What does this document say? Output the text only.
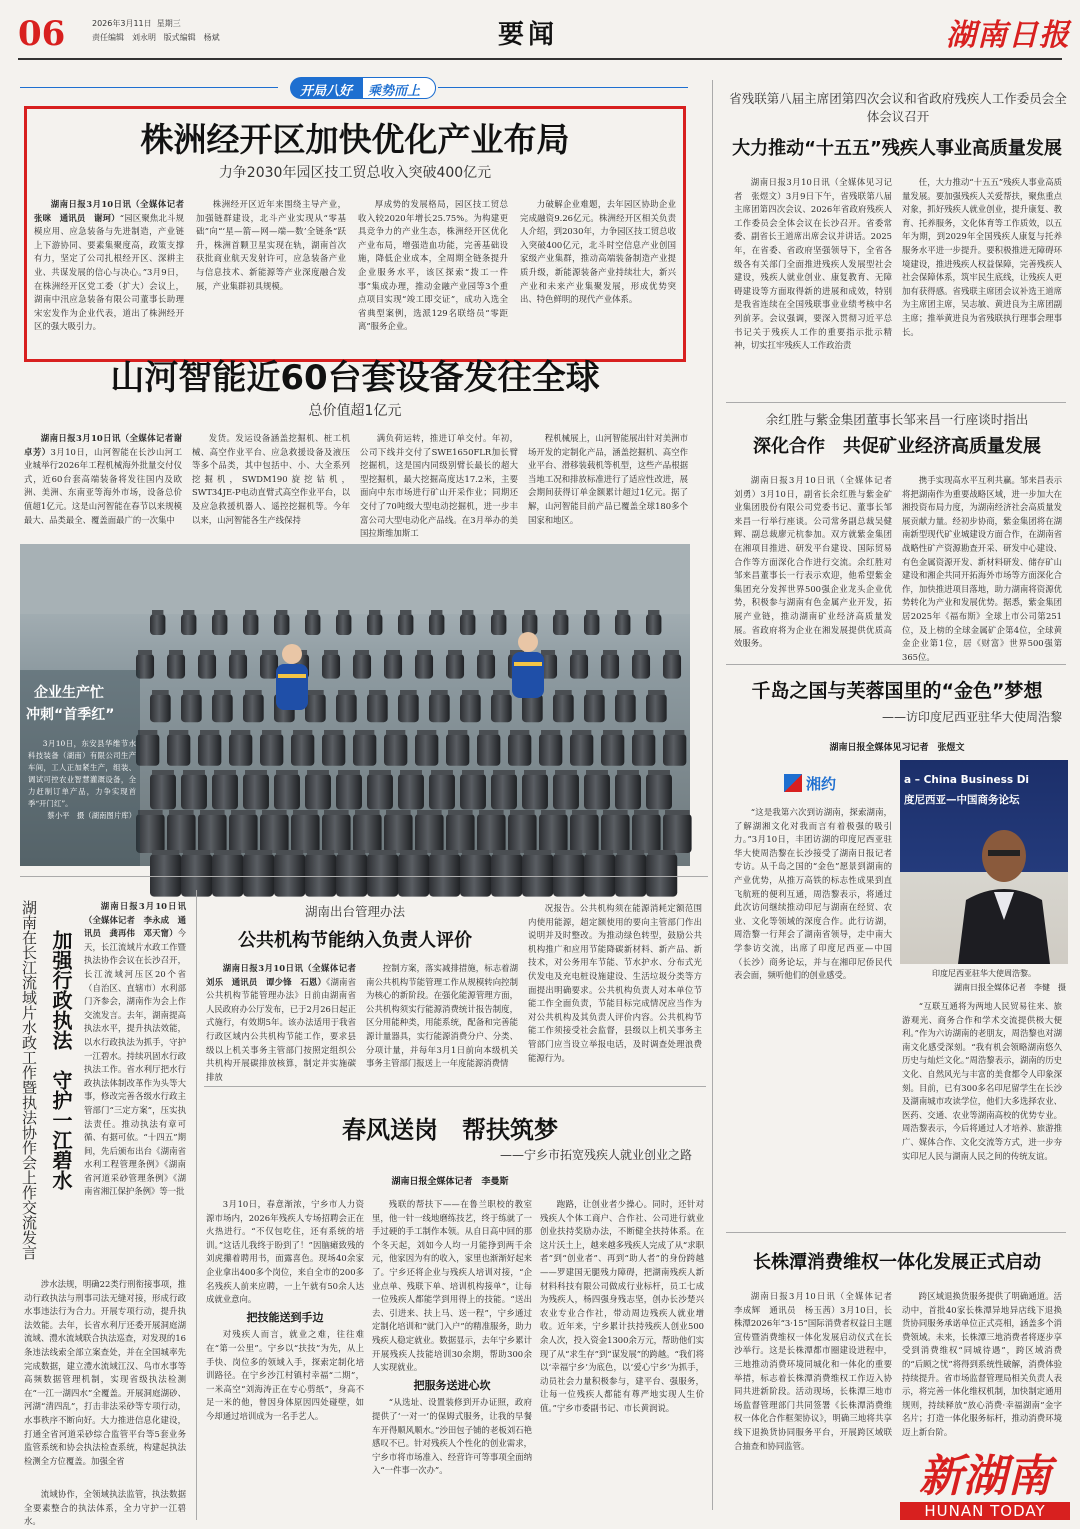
06	2026年3月11日 星期三
责任编辑　刘永明 版式编辑　杨斌	要闻	湖南日报
开局八好 乘势而上
株洲经开区加快优化产业布局
力争2030年园区技工贸总收入突破400亿元

湖南日报3月10日讯（全媒体记者张咪　通讯员　谢珂）“园区聚焦北斗规模应用、应急装备与先进制造，产业链上下游协同、要素集聚度高，政策支撑有力，坚定了公司扎根经开区、深耕主业、共谋发展的信心与决心。”3月9日，在株洲经开区党工委（扩大）会议上，湖南中汛应急装备有限公司董事长助理宋宏发作为企业代表，道出了株洲经开区的强大吸引力。

株洲经开区近年来围绕主导产业，加强链群建设，北斗产业实现从“零基础”向“‘星—箭—网—端—数’全链条”跃升，株洲首颗卫星实现在轨，湖南首次获批商业航天发射许可，应急装备产业与信息技术、新能源等产业深度融合发展，产业集群初具规模。

厚成势的发展格局，园区技工贸总收入较2020年增长25.75%。为构建更具竞争力的产业生态，株洲经开区优化产业布局，增强造血功能，完善基础设施，降低企业成本，全周期全链条提升企业服务水平，该区探索“拨工一件事”集成办理，推动金融产业园等3个重点项目实现“竣工即交证”，成功入选全省典型案例，选派129名联络员“零距离”服务企业。

力破解企业难题，去年园区协助企业完成融资9.26亿元。株洲经开区相关负责人介绍，到2030年，力争园区技工贸总收入突破400亿元，北斗时空信息产业创国家级产业集群，推动高端装备制造产业提质升级，新能源装备产业持续壮大，新兴产业和未来产业集聚发展，形成优势突出、特色鲜明的现代产业体系。

山河智能近60台套设备发往全球
总价值超1亿元

湖南日报3月10日讯（全媒体记者谢卓芳）3月10日，山河智能在长沙山河工业城举行2026年工程机械海外批量交付仪式，近60台套高端装备将发往国内及欧洲、美洲、东南亚等海外市场，设备总价值超1亿元。这是山河智能在春节以来规模最大、品类最全、覆盖面最广的一次集中

发货。发运设备涵盖挖掘机、桩工机械、高空作业平台、应急救援设备及液压等多个品类，其中包括中、小、大全系列挖掘机，SWDM190旋挖钻机，SWT34JE-P电动直臂式高空作业平台，以及应急救援机器人、遥控挖掘机等。今年以来，山河智能各生产线保持

满负荷运转，推进订单交付。年初，公司下线并交付了SWE1650FLR加长臂挖掘机，这是国内同级别臂长最长的超大型挖掘机，最大挖掘高度达17.2米，主要面向中东市场进行矿山开采作业；同期还交付了70吨级大型电动挖掘机，进一步丰富公司大型电动化产品线。在3月举办的美国拉斯维加斯工

程机械展上，山河智能展出针对美洲市场开发的定制化产品，涵盖挖掘机、高空作业平台、滑移装载机等机型，这些产品根据当地工况和排放标准进行了适应性改进，展会期间获得订单金额累计超过1亿元。据了解，山河智能目前产品已覆盖全球180多个国家和地区。

企业生产忙
冲刺“首季红”

3月10日，东安县华维节水科技装备（湖南）有限公司生产车间，工人正加紧生产，组装、调试可控农业智慧灌溉设备，全力赶制订单产品，力争实现首季“开门红”。

蔡小平　摄（湖南图片库）
省残联第八届主席团第四次会议和省政府残疾人工作委员会全体会议召开
大力推动“十五五”残疾人事业高质量发展

湖南日报3月10日讯（全媒体见习记者　张煜文）3月9日下午，省残联第八届主席团第四次会议、2026年省政府残疾人工作委员会全体会议在长沙召开。省委常委、副省长王道席出席会议并讲话。2025年，在省委、省政府坚强领导下，全省各级各有关部门全面推进残疾人发展型社会建设，残疾人就业创业、康复教育、无障碍建设等方面取得新的进展和成效，特别是我省连续在全国残联事业业绩考核中名列前茅。会议强调，要深入贯彻习近平总书记关于残疾人工作的重要指示批示精神，切实扛牢残疾人工作政治责

任，大力推动“十五五”残疾人事业高质量发展。要加强残疾人关爱帮扶，聚焦重点对象，抓好残疾人就业创业，提升康复、教育、托养服务，文化体育等工作质效，以五年为期，到2029年全国残疾人康复与托养服务水平进一步提升。要积极推进无障碍环境建设，推进残疾人权益保障，完善残疾人社会保障体系，筑牢民生底线，让残疾人更加有获得感。省残联主席团会议补选王道席为主席团主席，吴志敏、黄进良为主席团副主席；推举黄进良为省残联执行理事会理事长。

余红胜与紫金集团董事长邹来昌一行座谈时指出
深化合作　共促矿业经济高质量发展

湖南日报3月10日讯（全媒体记者　刘勇）3月10日，副省长余红胜与紫金矿业集团股份有限公司党委书记、董事长邹来昌一行举行座谈。公司常务副总裁吴健辉、副总裁廖元杭参加。双方就紫金集团在湘项目推进、研发平台建设、国际贸易合作等方面深化合作进行交流。余红胜对邹来昌董事长一行表示欢迎，他希望紫金集团充分发挥世界500强企业龙头企业优势，积极参与湖南有色金属产业开发，拓展产业链，推动湖南矿业经济高质量发展。省政府将为企业在湘发展提供优质高效服务。

携手实现高水平互利共赢。邹来昌表示将把湖南作为重要战略区域，进一步加大在湘投资布局力度，为湖南经济社会高质量发展贡献力量。经初步协商，紫金集团将在湖南新型现代矿业城建设方面合作，在湖南省战略性矿产资源勘查开采、研发中心建设、有色金属资源开发、新材料研发、储存矿山建设和湘企共同开拓海外市场等方面深化合作，加快推进项目落地，助力湖南将资源优势转化为产业和发展优势。据悉，紫金集团居2025年《福布斯》全球上市公司第251位，及上榜的全球金属矿企第4位，全球黄金企业第1位，居《财富》世界500强第365位。

千岛之国与芙蓉国里的“金色”梦想
——访印度尼西亚驻华大使周浩黎
湖南日报全媒体见习记者　张煜文
湘约	a – China Business Di
度尼西亚—中国商务论坛
印度尼西亚驻华大使周浩黎。
湖南日报全媒体记者　李健　摄

“这是我第六次到访湖南，探索湖南，了解湖湘文化对我而言有着极强的吸引力。”3月10日，丰团访湖的印度尼西亚驻华大使周浩黎在长沙接受了湖南日报记者专访。从千岛之国的“金色”愿景到湖南的产业优势，从推万高铁的标志性成果到直飞航班的便利互通，周浩黎表示，将通过此次访问继续推动印尼与湖南在经贸、农业、文化等领域的深度合作。此行访湖，周浩黎一行拜会了湖南省领导，走中南大学参访交流，出席了印度尼西亚—中国（长沙）商务论坛，并与在湘印尼侨民代表会面，频听他们的创业感受。

“互联互通将为两地人民贸易往来、旅游观光、商务合作和学术交流提供极大便利。”作为六访湖南的老朋友，周浩黎也对湖南文化感受深刻。“我有机会领略湖南悠久历史与灿烂文化。”周浩黎表示，湖南的历史文化、自然风光与丰富的美食都令人印象深刻。目前，已有300多名印尼留学生在长沙及湖南城市攻读学位，他们大多选择农业、医药、交通、农业等湖南高校的优势专业。周浩黎表示，今后将通过人才培养、旅游推广、媒体合作、文化交流等方式，进一步夯实印尼人民与湖南人民之间的传统友谊。

长株潭消费维权一体化发展正式启动

湖南日报3月10日讯（全媒体记者　李成辉　通讯员　杨玉茜）3月10日，长株潭2026年“3·15”国际消费者权益日主题宣传暨消费维权一体化发展启动仪式在长沙举行。这是长株潭都市圈建设进程中，三地推动消费环境同城化和一体化的重要举措，标志着长株潭消费维权工作迈入协同共进新阶段。活动现场，长株潭三地市场监督管理部门共同签署《长株潭消费维权一体化合作框架协议》，明确三地将共享线下退换货协同服务平台，开展跨区域联合抽查和协同监管。

跨区域退换货服务提供了明确通道。活动中，首批40家长株潭异地异店线下退换货协同服务承诺单位正式亮相，涵盖多个消费领域。未来，长株潭三地消费者将逐步享受到消费维权“同城待遇”，跨区域消费的“后顾之忧”将得到系统性破解，消费体验持续提升。省市场监督管理局相关负责人表示，将完善一体化维权机制，加快制定通用规则，持续释放“放心消费·幸福湖南”金字名片；打造一体化服务标杆，推动消费环境迈上新台阶。

新湖南
HUNAN TODAY
湖南在长江流域片水政工作暨执法协作会上作交流发言 加强行政执法　守护一江碧水

湖南日报3月10日讯（全媒体记者　李永成　通讯员　龚再伟　邓天甯）今天，长江流域片水政工作暨执法协作会议在长沙召开，长江流域河压区20个省（自治区、直辖市）水利部门齐参会，湖南作为会上作交流发言。去年，湖南提高执法水平，提升执法效能，以水行政执法为抓手，守护一江碧水。持续巩固水行政执法工作。省水利厅把水行政执法体制改革作为头等大事，修改完善各级水行政主管部门“三定方案”，压实执法责任。推动执法有章可循、有据可依。“十四五”期间，先后颁布出台《湖南省水利工程管理条例》《湖南省河道采砂管理条例》《湖南省湘江保护条例》等一批

涉水法规，明确22类行刑衔接事项，推动行政执法与刑事司法无缝对接，形成行政水事违法行为合力。开展专项行动，提升执法效能。去年，长省水利厅还委开展洞庭湖流域、澧水流域联合执法巡查，对发现的16条违法线索全部立案查处，并在全国城率先完成数据，建立澧水流域江汉、鸟市水事等高频数据管理机制，实现省级执法检测在“一江一湖四水”全覆盖。开展洞庭湖砂、河湖“清四乱”，打击非法采砂等专项行动，水事秩序不断向好。大力推进信息化建设，打通全省河道采砂综合监管平台等5套业务监管系统和协会执法检查系统，构建起执法检测全方位覆盖。加强全省

流域协作，全领域执法监管，执法数据全要素整合的执法体系，全力守护一江碧水。

湖南出台管理办法
公共机构节能纳入负责人评价

湖南日报3月10日讯（全媒体记者　刘乐　通讯员　谭少锋　石恩）《湖南省公共机构节能管理办法》日前由湖南省人民政府办公厅发布，已于2月26日起正式施行，有效期5年。该办法适用于我省行政区域内公共机构节能工作，要求县级以上机关事务主管部门按照定组织公共机构开展碳排放核算，制定并实施碳排放

控制方案，落实减排措施，标志着湖南公共机构节能管理工作从规模转向控制为核心的新阶段。在强化能源管理方面，公共机构须实行能源消费统计报告制度，区分用能种类，用能系统，配备和完善能源计量器具，实行能源消费分户、分类、分项计量，并每年3月1日前向本级机关事务主管部门报送上一年度能源消费情

况报告。公共机构须在能源消耗定额范围内使用能源，超定额使用的要向主管部门作出说明并及时整改。为推动绿色转型，鼓励公共机构推广和应用节能降碳新材料、新产品、新技术，对公务用车节能、节水护水、分布式光伏发电及充电桩设施建设、生活垃圾分类等方面提出明确要求。公共机构负责人对本单位节能工作全面负责，节能目标完成情况应当作为对公共机构及其负责人评价内容。公共机构节能工作须接受社会监督，县级以上机关事务主管部门应当设立举报电话，及时调查处理浪费能源行为。

春风送岗　帮扶筑梦
——宁乡市拓宽残疾人就业创业之路
湖南日报全媒体记者　李曼斯

3月10日，春意渐浓，宁乡市人力资源市场内，2026年残疾人专场招聘会正在火热进行。“不仅包吃住，还有系统的培训。”这话儿我终于盼到了！”因脑瘫致残的刘虎攥着聘用书，面露喜色。现场40余家企业拿出400多个岗位，来自全市的200多名残疾人前来应聘，一上午就有50余人达成就业意向。

把技能送到手边

对残疾人而言，就业之难，往往难在“第一公里”。宁乡以“扶技”为先，从上手快、岗位多的领域入手，探索定制化培训路径。在宁乡沙江村镇村幸福“二期”，一米高空“刘海涛正在专心剪纸”，身高不足一米的他，曾因身体原因四处碰壁，如今却通过培训成为一名手艺人。

残联的帮扶下——在鲁兰职校的教室里，他一针一线地磨练技艺，终于练就了一手过硬的手工制作本领。从自日高中回的那个冬天起，刘如今人均一月能挣到两千余元，他家因为有的收入，家里也渐渐好起来了。宁乡还将企业与残疾人培训对接，“企业点单、残联下单、培训机构接单”，让每一位残疾人都能学到用得上的技能。“送出去、引进来、扶上马、送一程”，宁乡通过定制化培训和“就门入户”的精准服务，助力残疾人稳定就业。数据显示，去年宁乡累计开展残疾人技能培训30余期，帮助300余人实现就业。

把服务送进心坎

“从选址、设置装修到开办证照，政府提供了‘一对一’的保姆式服务，让我的早餐车开得顺风顺水。”沙田包子铺的老板刘石艳感叹不已。针对残疾人个性化的创业需求，宁乡市将市场准入、经营许可等事项全面纳入“一件事一次办”。

跑路，让创业者少操心。同时，还针对残疾人个体工商户、合作社、公司进行就业创业扶持奖励办法，不断健全扶持体系。在这片沃土上，越来越多残疾人完成了从“求职者”到“创业者”、再到“助人者”的身份跨越——罗建国无腿残力障碍，把湖南残疾人新材料科技有限公司做成行业标杆，员工七成为残疾人，杨四强身残志坚，创办长沙楚兴农业专业合作社，带动周边残疾人就业增收。近年来，宁乡累计扶持残疾人创业500余人次，投入资金1300余万元，帮助他们实现了从“求生存”到“谋发展”的跨越。“我们将以‘幸福宁乡’为底色，以‘爱心宁乡’为抓手，动员社会力量积极参与，建平台、强服务，让每一位残疾人都能有尊严地实现人生价值。”宁乡市委副书记、市长黄润说。
